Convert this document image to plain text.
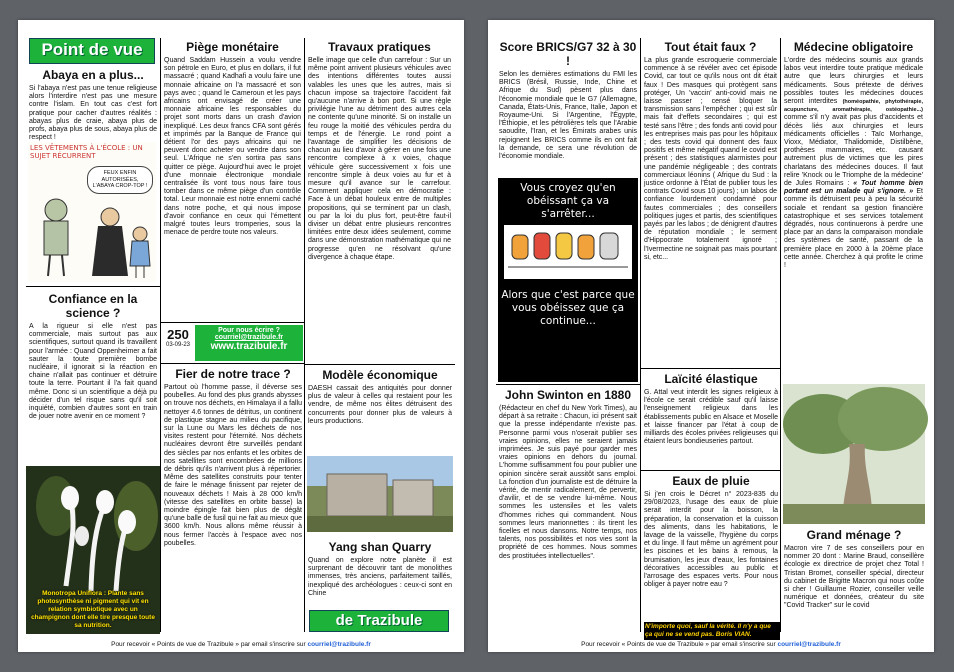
Point de vue
Abaya en a plus...

Si l'abaya n'est pas une tenue religieuse alors l'interdire n'est pas une mesure contre l'islam. En tout cas c'est fort pratique pour cacher d'autres réalités : abayas plus de craie, abaya plus de profs, abaya plus de sous, abaya plus de respect !

LES VÊTEMENTS À L'ÉCOLE : UN SUJET RÉCURRENT
FEUX ENFIN AUTORISÉES, L'ABAYA CROP-TOP !
Confiance en la science ?

A la rigueur si elle n'est pas commerciale, mais surtout pas aux scientifiques, surtout quand ils travaillent pour l'armée : Quand Oppenheimer a fait sauter la toute première bombe nucléaire, il ignorait si la réaction en chaine n'allait pas continuer et détruire toute la terre. Pourtant il l'a fait quand même. Donc si un scientifique a déjà pu décider d'un tel risque sans qu'il soit inquiété, combien d'autres sont en train de jouer notre avenir en ce moment ?

Monotropa Uniflora : Plante sans photosynthèse ni pigment qui vit en relation symbiotique avec un champignon dont elle tire presque toute sa nutrition.
Piège monétaire

Quand Saddam Hussein a voulu vendre son pétrole en Euro, et plus en dollars, il fut massacré ; quand Kadhafi a voulu faire une monnaie africaine on l'a massacré et son pays avec ; quand le Cameroun et les pays africains ont envisagé de créer une monnaie africaine les responsables du projet sont morts dans un crash d'avion inexpliqué. Les deux francs CFA sont gérés et imprimés par la Banque de France qui détient l'or des pays africains qui ne peuvent donc acheter ou vendre dans son seul. L'Afrique ne s'en sortira pas sans quitter ce piège. Aujourd'hui avec le projet d'une monnaie électronique mondiale centralisée ils vont tous nous faire tous tomber dans ce même piège d'un contrôle total. Leur monnaie est notre ennemi caché dans notre poche, et qui nous impose d'avoir confiance en ceux qui l'émettent malgré toutes leurs tromperies, sous la menace de perdre toute nos valeurs.

250
03-09-23
Pour nous écrire ?
courriel@trazibule.fr
www.trazibule.fr
Fier de notre trace ?

Partout où l'homme passe, il déverse ses poubelles. Au fond des plus grands abysses on trouve nos déchets, en Himalaya il a fallu nettoyer 4.6 tonnes de détritus, un continent de plastique stagne au milieu du pacifique, sur la Lune ou Mars les déchets de nos visites restent pour l'éternité. Nos déchets nucléaires devront être surveillés pendant des siècles par nos enfants et les orbites de nos satellites sont encombrées de millions de débris qu'ils n'arrivent plus à répertorier. Même des satellites construits pour tenter de faire le ménage finissent par rejeter de nouveaux déchets ! Mais à 28 000 km/h (vitesse des satellites en orbite basse) la moindre épingle fait bien plus de dégât qu'une balle de fusil qui ne fait au mieux que 3600 km/h. Nous allons même réussir à nous fermer l'accès à l'espace avec nos poubelles.

Travaux pratiques

Belle image que celle d'un carrefour : Sur un même point arrivent plusieurs véhicules avec des intentions différentes toutes aussi valables les unes que les autres, mais si chacun impose sa trajectoire l'accident fait qu'aucune n'arrive à bon port. Si une règle privilégie l'une au détriment des autres cela ne contente qu'une minorité. Si on installe un feu rouge la moitié des véhicules perdra du temps et de l'énergie. Le rond point a l'avantage de simplifier les décisions de chacun au lieu d'avoir à gérer en une fois une rencontre complexe à x voies, chaque véhicule gère successivement x fois une rencontre simple à deux voies au fur et à mesure qu'il avance sur le carrefour. Comment appliquer cela en démocratie : Face à un débat houleux entre de multiples propositions, qui se terminent par un clash, ou par la loi du plus fort, peut-être faut-il diviser un débat entre plusieurs rencontres limitées entre deux idées seulement, comme dans une démonstration mathématique qui ne progresse qu'en ne résolvant qu'une divergence à chaque étape.

Modèle économique

DAESH cassait des antiquités pour donner plus de valeur à celles qui restaient pour les vendre, de même nos élites détruisent des concurrents pour donner plus de valeurs à leurs productions.

Yang shan Quarry

Quand on explore notre planète il est surprenant de découvrir tant de monolithes immenses, très anciens, parfaitement taillés, inexpliqué des archéologues : ceux-ci sont en Chine

de Trazibule
Pour recevoir « Points de vue de Trazibule » par email s'inscrire sur courriel@trazibule.fr
Score BRICS/G7 32 à 30 !

Selon les dernières estimations du FMI les BRICS (Brésil, Russie, Inde, Chine et Afrique du Sud) pèsent plus dans l'économie mondiale que le G7 (Allemagne, Canada, États-Unis, France, Italie, Japon et Royaume-Uni. Si l'Argentine, l'Égypte, l'Éthiopie, et les pétrolières tels que l'Arabie saoudite, l'Iran, et les Émirats arabes unis rejoignent les BRICS comme ils en ont fait la demande, ce sera une révolution de l'économie mondiale.

Vous croyez qu'en obéissant ça va s'arrêter...
Alors que c'est parce que vous obéissez que ça continue...
John Swinton en 1880

(Rédacteur en chef du New York Times), au départ à sa retraite : Chacun, ici présent sait que la presse indépendante n'existe pas. Personne parmi vous n'oserait publier ses vraies opinions, elles ne seraient jamais imprimées. Je suis payé pour garder mes vraies opinions en dehors du journal. L'homme suffisamment fou pour publier une opinion sincère serait aussitôt sans emploi. La fonction d'un journaliste est de détruire la vérité, de mentir radicalement, de pervertir, d'avilir, et de se vendre lui-même. Nous sommes les ustensiles et les valets d'hommes riches qui commandent. Nous sommes leurs marionnettes : ils tirent les ficelles et nous dansons. Notre temps, nos talents, nos possibilités et nos vies sont la propriété de ces hommes. Nous sommes des prostituées intellectuelles".

Tout était faux ?

La plus grande escroquerie commerciale commence à se révéler avec cet épisode Covid, car tout ce qu'ils nous ont dit était faux ! Des masques qui protègent sans protéger, Un 'vaccin' anti-covid mais ne laisse passer ; censé bloquer la transmission sans l'empêcher ; qui est sûr mais fait d'effets secondaires ; qui est testé sans l'être ; des fonds anti covid pour les entreprises mais pas pour les hôpitaux ; des tests covid qui donnent des faux positifs et même négatif quand le covid est présent ; des statistiques alarmistes pour une pandémie négligeable ; des contrats commerciaux léonins ( Afrique du Sud : la justice ordonne à l'État de publier tous les contrats Covid sous 10 jours) ; un labos de confiance lourdement condamné pour fautes commerciales ; des conseillers politiques juges et partis, des scientifiques payés par les labos ; de dénigrent d'autres de réputation mondiale ; le serment d'Hippocrate totalement ignoré ; l'Ivermectine ne soignait pas mais pourtant si, etc...

Laïcité élastique

G. Attal veut interdit les signes religieux à l'école ce serait crédible sauf qu'il laisse l'enseignement religieux dans les établissements public en Alsace et Moselle et laisse financer par l'état à coup de milliards des écoles privées religieuses qui étaient leurs bondieuseries partout.

Eaux de pluie

Si j'en crois le Décret n° 2023-835 du 29/08/2023, l'usage des eaux de pluie serait interdit pour la boisson, la préparation, la conservation et la cuisson des aliments, dans les habitations, le lavage de la vaisselle, l'hygiène du corps et du linge. Il faut même un agrément pour les piscines et les bains à remous, la brumisation, les jeux d'eaux, les fontaines décoratives accessibles au public et l'arrosage des espaces verts. Pour nous obliger à payer notre eau ?

N'importe quoi, sauf la vérité. Il n'y a que ça qui ne se vend pas. Boris VIAN.
Médecine obligatoire

L'ordre des médecins soumis aux grands labos veut interdire toute pratique médicale autre que leurs chirurgies et leurs médicaments. Sous prétexte de dérives possibles toutes les médecines douces seront interdites (homéopathie, phytothérapie, acupuncture, aromathérapie, ostéopathie...) comme s'il n'y avait pas plus d'accidents et décès liés aux chirurgies et leurs médicaments officielles : Taïc Morhange, Vioxx, Médiator, Thalidomide, Distilbène, prothèses mammaires, etc. causant autrement plus de victimes que les pires charlatans des médecines douces. Il faut relire 'Knock ou le Triomphe de la médecine' de Jules Romains : « Tout homme bien portant est un malade qui s'ignore. » Et comme ils détruisent peu à peu la sécurité sociale et rendant sa gestion financière catastrophique et ses services totalement dégradés, nous continuerons à perdre une place par an dans la comparaison mondiale des systèmes de santé, passant de la première place en 2000 à la 20ème place cette année. Cherchez à qui profite le crime !

Grand ménage ?

Macron vire 7 de ses conseillers pour en nommer 20 dont : Marine Braud, conseillère écologie ex directrice de projet chez Total ! Tristan Bromet, conseiller spécial, directeur du cabinet de Brigitte Macron qui nous coûte si cher ! Guillaume Rozier, conseiller veille numérique et données, créateur du site "Covid Tracker" sur le covid

Pour recevoir « Points de vue de Trazibule » par email s'inscrire sur courriel@trazibule.fr
